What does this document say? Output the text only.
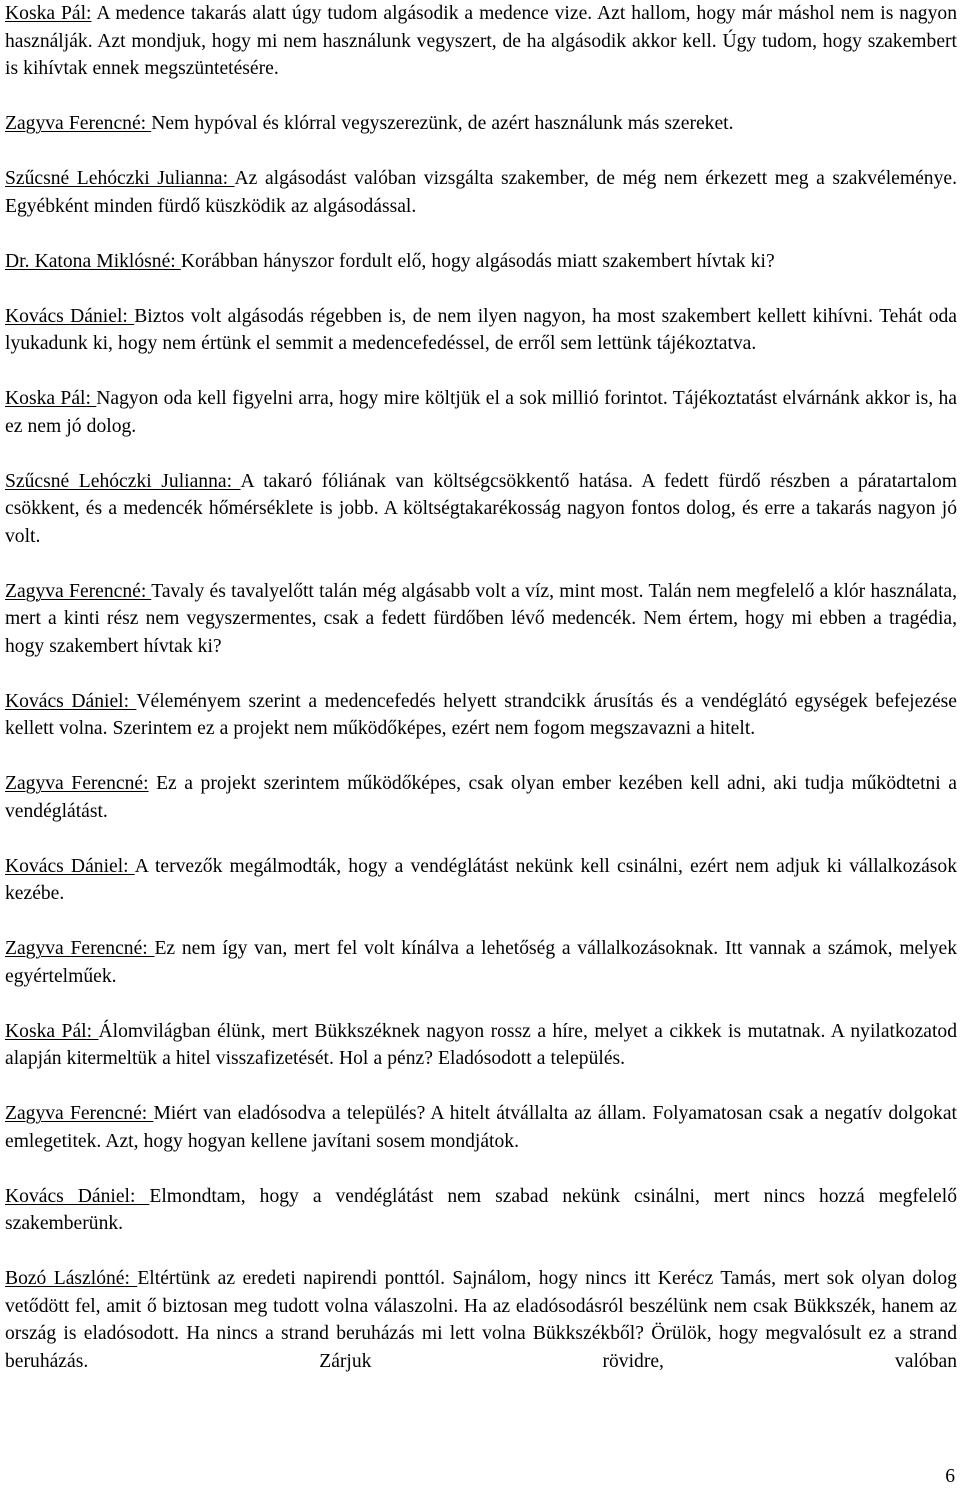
Koska Pál: A medence takarás alatt úgy tudom algásodik a medence vize. Azt hallom, hogy már máshol nem is nagyon használják. Azt mondjuk, hogy mi nem használunk vegyszert, de ha algásodik akkor kell. Úgy tudom, hogy szakembert is kihívtak ennek megszüntetésére.

Zagyva Ferencné: Nem hypóval és klórral vegyszerezünk, de azért használunk más szereket.

Szűcsné Lehóczki Julianna: Az algásodást valóban vizsgálta szakember, de még nem érkezett meg a szakvéleménye. Egyébként minden fürdő küszködik az algásodással.

Dr. Katona Miklósné: Korábban hányszor fordult elő, hogy algásodás miatt szakembert hívtak ki?

Kovács Dániel: Biztos volt algásodás régebben is, de nem ilyen nagyon, ha most szakembert kellett kihívni. Tehát oda lyukadunk ki, hogy nem értünk el semmit a medencefedéssel, de erről sem lettünk tájékoztatva.

Koska Pál: Nagyon oda kell figyelni arra, hogy mire költjük el a sok millió forintot. Tájékoztatást elvárnánk akkor is, ha ez nem jó dolog.

Szűcsné Lehóczki Julianna: A takaró fóliának van költségcsökkentő hatása. A fedett fürdő részben a páratartalom csökkent, és a medencék hőmérséklete is jobb. A költségtakarékosság nagyon fontos dolog, és erre a takarás nagyon jó volt.

Zagyva Ferencné: Tavaly és tavalyelőtt talán még algásabb volt a víz, mint most. Talán nem megfelelő a klór használata, mert a kinti rész nem vegyszermentes, csak a fedett fürdőben lévő medencék. Nem értem, hogy mi ebben a tragédia, hogy szakembert hívtak ki?

Kovács Dániel: Véleményem szerint a medencefedés helyett strandcikk árusítás és a vendéglátó egységek befejezése kellett volna. Szerintem ez a projekt nem működőképes, ezért nem fogom megszavazni a hitelt.

Zagyva Ferencné: Ez a projekt szerintem működőképes, csak olyan ember kezében kell adni, aki tudja működtetni a vendéglátást.

Kovács Dániel: A tervezők megálmodták, hogy a vendéglátást nekünk kell csinálni, ezért nem adjuk ki vállalkozások kezébe.

Zagyva Ferencné: Ez nem így van, mert fel volt kínálva a lehetőség a vállalkozásoknak. Itt vannak a számok, melyek egyértelműek.

Koska Pál: Álomvilágban élünk, mert Bükkszéknek nagyon rossz a híre, melyet a cikkek is mutatnak. A nyilatkozatod alapján kitermeltük a hitel visszafizetését. Hol a pénz? Eladósodott a település.

Zagyva Ferencné: Miért van eladósodva a település? A hitelt átvállalta az állam. Folyamatosan csak a negatív dolgokat emlegetitek. Azt, hogy hogyan kellene javítani sosem mondjátok.

Kovács Dániel: Elmondtam, hogy a vendéglátást nem szabad nekünk csinálni, mert nincs hozzá megfelelő szakemberünk.

Bozó Lászlóné: Eltértünk az eredeti napirendi ponttól. Sajnálom, hogy nincs itt Kerécz Tamás, mert sok olyan dolog vetődött fel, amit ő biztosan meg tudott volna válaszolni. Ha az eladósodásról beszélünk nem csak Bükkszék, hanem az ország is eladósodott. Ha nincs a strand beruházás mi lett volna Bükkszékből? Örülök, hogy megvalósult ez a strand beruházás. Zárjuk rövidre, valóban

6
